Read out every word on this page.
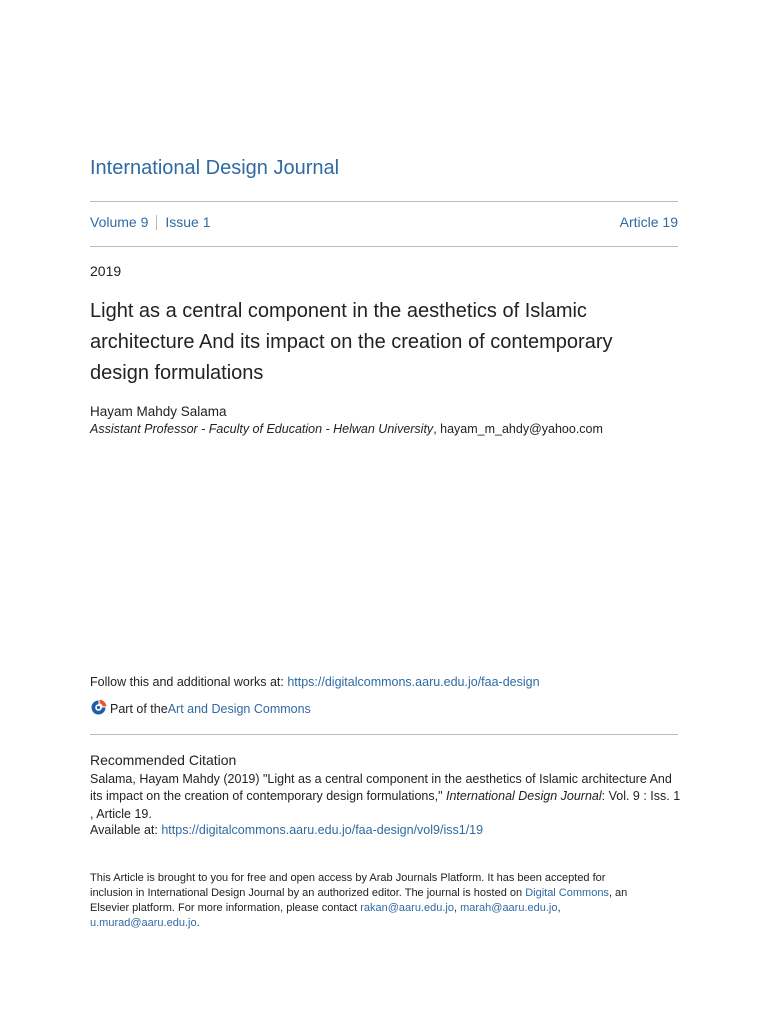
International Design Journal
Volume 9 Issue 1	Article 19
2019
Light as a central component in the aesthetics of Islamic architecture And its impact on the creation of contemporary design formulations
Hayam Mahdy Salama
Assistant Professor - Faculty of Education - Helwan University, hayam_m_ahdy@yahoo.com
Follow this and additional works at: https://digitalcommons.aaru.edu.jo/faa-design
Part of the Art and Design Commons
Recommended Citation
Salama, Hayam Mahdy (2019) "Light as a central component in the aesthetics of Islamic architecture And its impact on the creation of contemporary design formulations," International Design Journal: Vol. 9 : Iss. 1 , Article 19.
Available at: https://digitalcommons.aaru.edu.jo/faa-design/vol9/iss1/19
This Article is brought to you for free and open access by Arab Journals Platform. It has been accepted for inclusion in International Design Journal by an authorized editor. The journal is hosted on Digital Commons, an Elsevier platform. For more information, please contact rakan@aaru.edu.jo, marah@aaru.edu.jo, u.murad@aaru.edu.jo.
